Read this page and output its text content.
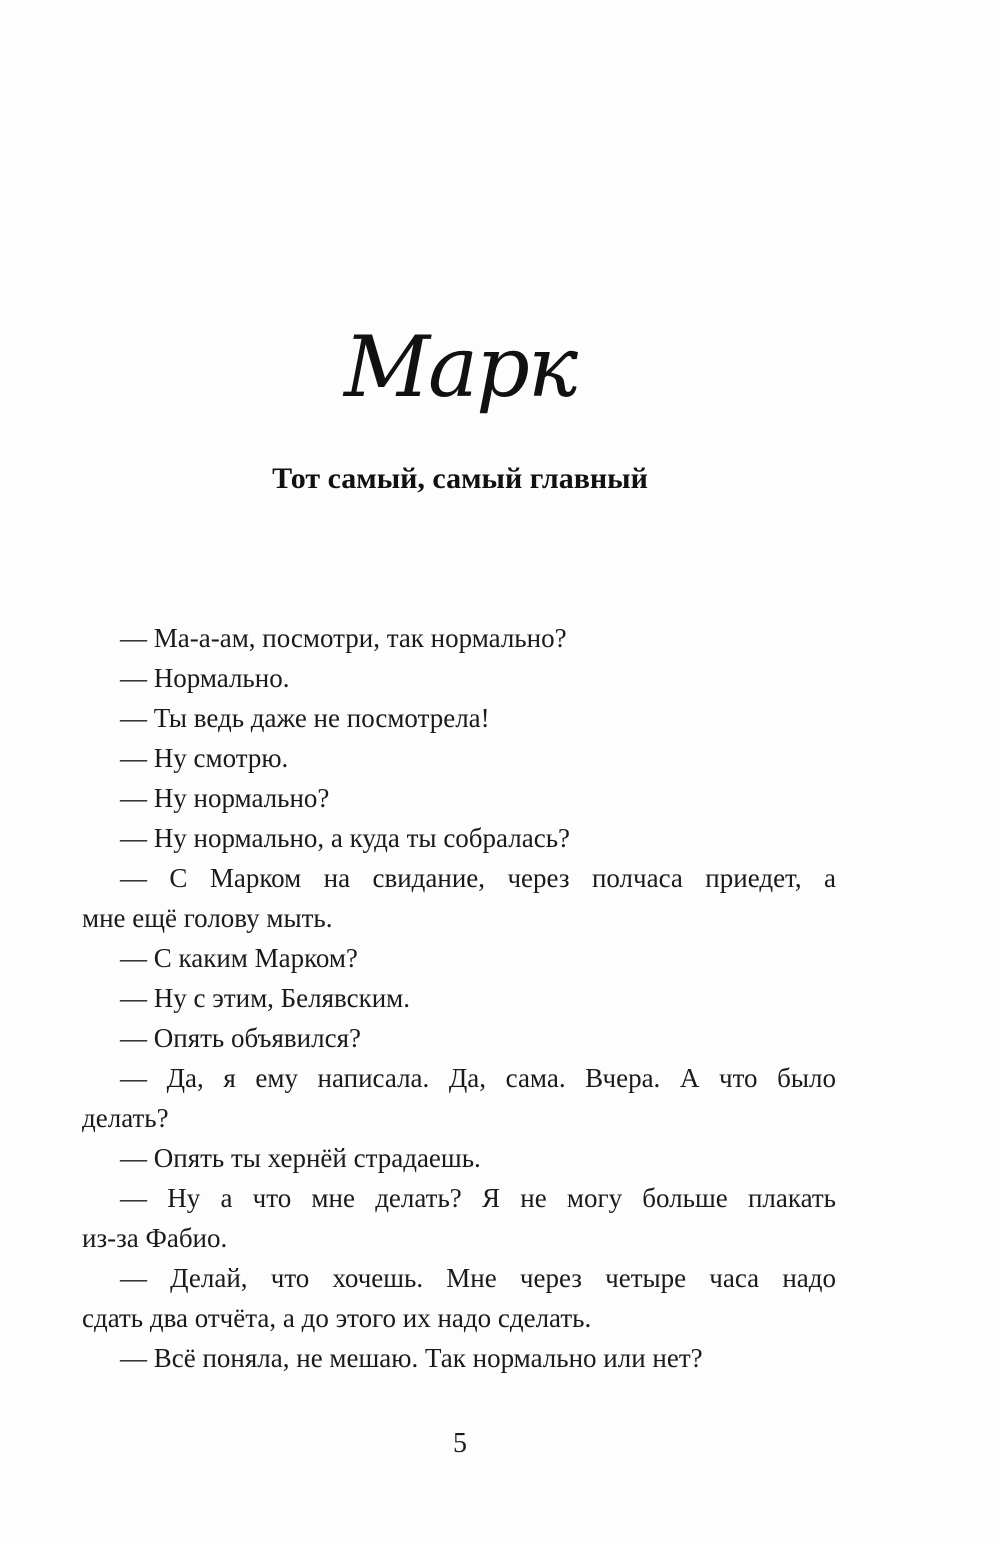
Марк
Тот самый, самый главный
— Ма-а-ам, посмотри, так нормально?
— Нормально.
— Ты ведь даже не посмотрела!
— Ну смотрю.
— Ну нормально?
— Ну нормально, а куда ты собралась?
— С Марком на свидание, через полчаса приедет, а
мне ещё голову мыть.
— С каким Марком?
— Ну с этим, Белявским.
— Опять объявился?
— Да, я ему написала. Да, сама. Вчера. А что было
делать?
— Опять ты хернёй страдаешь.
— Ну а что мне делать? Я не могу больше плакать
из-за Фабио.
— Делай, что хочешь. Мне через четыре часа надо
сдать два отчёта, а до этого их надо сделать.
— Всё поняла, не мешаю. Так нормально или нет?
5
